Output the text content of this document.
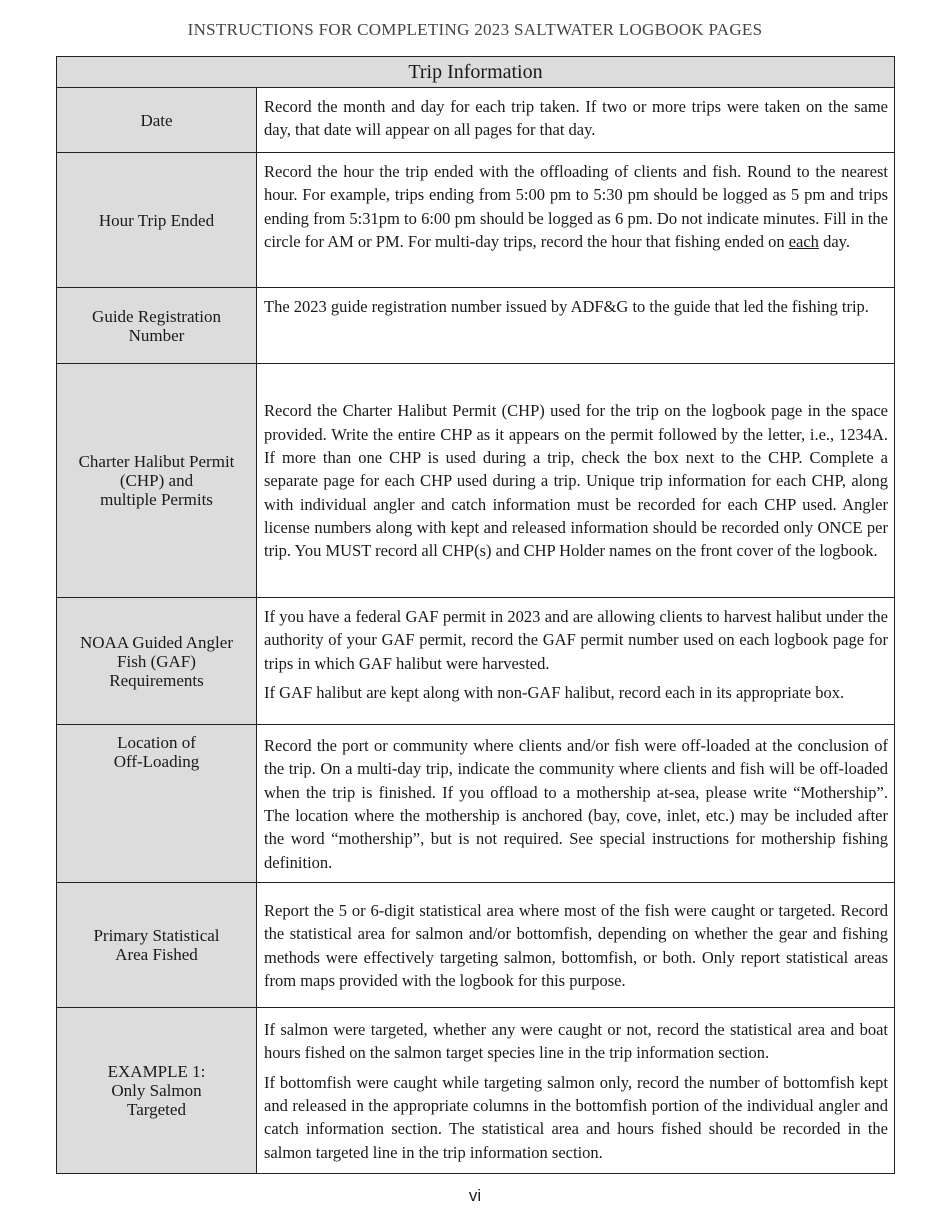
INSTRUCTIONS FOR COMPLETING 2023 SALTWATER LOGBOOK PAGES
Trip Information
Date

Record the month and day for each trip taken. If two or more trips were taken on the same day, that date will appear on all pages for that day.

Hour Trip Ended

Record the hour the trip ended with the offloading of clients and fish. Round to the nearest hour. For example, trips ending from 5:00 pm to 5:30 pm should be logged as 5 pm and trips ending from 5:31pm to 6:00 pm should be logged as 6 pm. Do not indicate minutes. Fill in the circle for AM or PM. For multi-day trips, record the hour that fishing ended on each day.

Guide Registration
Number

The 2023 guide registration number issued by ADF&G to the guide that led the fishing trip.

Charter Halibut Permit
(CHP) and
multiple Permits

Record the Charter Halibut Permit (CHP) used for the trip on the logbook page in the space provided. Write the entire CHP as it appears on the permit followed by the letter, i.e., 1234A. If more than one CHP is used during a trip, check the box next to the CHP. Complete a separate page for each CHP used during a trip. Unique trip information for each CHP, along with individual angler and catch information must be recorded for each CHP used. Angler license numbers along with kept and released information should be recorded only ONCE per trip. You MUST record all CHP(s) and CHP Holder names on the front cover of the logbook.

NOAA Guided Angler
Fish (GAF)
Requirements

If you have a federal GAF permit in 2023 and are allowing clients to harvest halibut under the authority of your GAF permit, record the GAF permit number used on each logbook page for trips in which GAF halibut were harvested.

If GAF halibut are kept along with non-GAF halibut, record each in its appropriate box.

Location of
Off-Loading

Record the port or community where clients and/or fish were off-loaded at the conclusion of the trip. On a multi-day trip, indicate the community where clients and fish will be off-loaded when the trip is finished. If you offload to a mothership at-sea, please write “Mothership”. The location where the mothership is anchored (bay, cove, inlet, etc.) may be included after the word “mothership”, but is not required. See special instructions for mothership fishing definition.

Primary Statistical
Area Fished

Report the 5 or 6-digit statistical area where most of the fish were caught or targeted. Record the statistical area for salmon and/or bottomfish, depending on whether the gear and fishing methods were effectively targeting salmon, bottomfish, or both. Only report statistical areas from maps provided with the logbook for this purpose.

EXAMPLE 1:
Only Salmon
Targeted

If salmon were targeted, whether any were caught or not, record the statistical area and boat hours fished on the salmon target species line in the trip information section.

If bottomfish were caught while targeting salmon only, record the number of bottomfish kept and released in the appropriate columns in the bottomfish portion of the individual angler and catch information section. The statistical area and hours fished should be recorded in the salmon targeted line in the trip information section.

vi
